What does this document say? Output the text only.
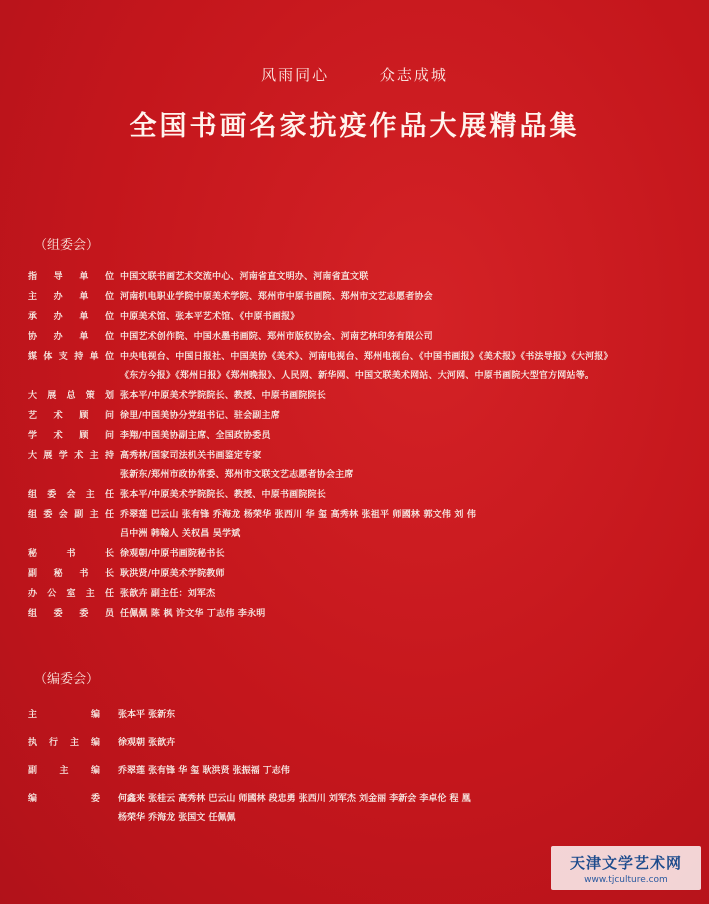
风雨同心	众志成城
全国书画名家抗疫作品大展精品集
（组委会）
指导单位 中国文联书画艺术交流中心、河南省直文明办、河南省直文联
主办单位 河南机电职业学院中原美术学院、郑州市中原书画院、郑州市文艺志愿者协会
承办单位 中原美术馆、张本平艺术馆、《中原书画报》
协办单位 中国艺术创作院、中国水墨书画院、郑州市版权协会、河南艺林印务有限公司
媒体支持单位 中央电视台、中国日报社、中国美协《美术》、河南电视台、郑州电视台、《中国书画报》《美术报》《书法导报》《大河报》
《东方今报》《郑州日报》《郑州晚报》、人民网、新华网、中国文联美术网站、大河网、中原书画院大型官方网站等。
大展总策划 张本平/中原美术学院院长、教授、中原书画院院长
艺术顾问 徐里/中国美协分党组书记、驻会副主席
学术顾问 李翔/中国美协副主席、全国政协委员
大展学术主持 高秀林/国家司法机关书画鉴定专家
张新东/郑州市政协常委、郑州市文联文艺志愿者协会主席
组委会主任 张本平/中原美术学院院长、教授、中原书画院院长
组委会副主任 乔翠莲 巴云山 张有锋 乔海龙 杨荣华 张西川 华 玺 高秀林 张祖平 师國林 郭文伟 刘 伟
吕中洲 韩翰人 关权昌 吴学斌
秘书长 徐观朝/中原书画院秘书长
副秘书长 耿洪贤/中原美术学院教师
办公室主任 张歆卉 副主任：刘军杰
组委委员 任佩佩 陈 枫 许文华 丁志伟 李永明
（编委会）
主编	张本平 张新东
执行主编	徐观朝 张歆卉
副主编	乔翠莲 张有锋 华 玺 耿洪贤 张振福 丁志伟
编委	何鑫来 张桂云 高秀林 巴云山 师國林 段忠勇 张西川 刘军杰 刘金丽 李新会 李卓伦 程 凰
杨荣华 乔海龙 张国文 任佩佩
天津文学艺术网
www.tjculture.com
